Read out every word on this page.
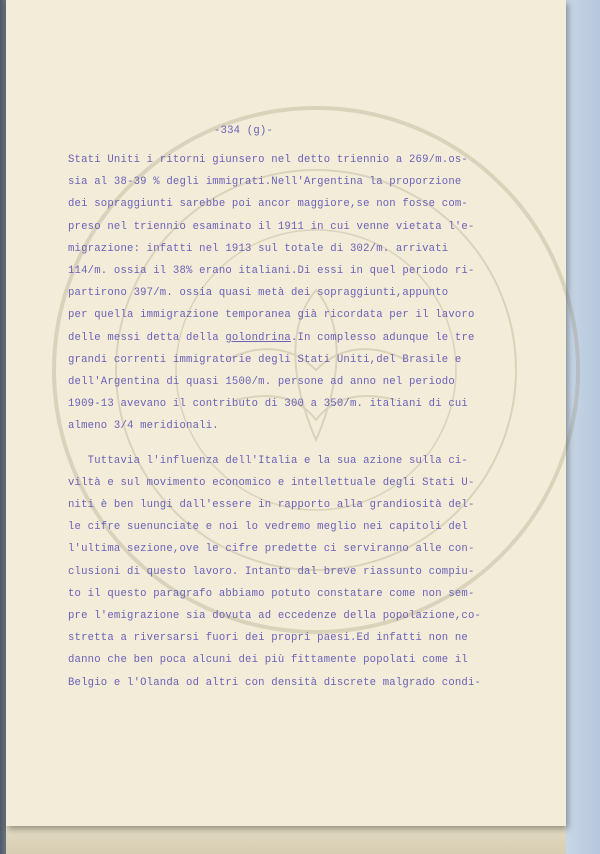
-334 (g)-
Stati Uniti i ritorni giunsero nel detto triennio a 269/m.os-
sia al 38-39 % degli immigrati.Nell'Argentina la proporzione
dei sopraggiunti sarebbe poi ancor maggiore,se non fosse com-
preso nel triennio esaminato il 1911 in cui venne vietata l'e-
migrazione: infatti nel 1913 sul totale di 302/m. arrivati
114/m. ossia il 38% erano italiani.Di essi in quel periodo ri-
partirono 397/m. ossia quasi metà dei sopraggiunti,appunto
per quella immigrazione temporanea già ricordata per il lavoro
delle messi detta della golondrina.In complesso adunque le tre
grandi correnti immigratorie degli Stati Uniti,del Brasile e
dell'Argentina di quasi 1500/m. persone ad anno nel periodo
1909-13 avevano il contributo di 300 a 350/m. italiani di cui
almeno 3/4 meridionali.
Tuttavia l'influenza dell'Italia e la sua azione sulla ci-
viltà e sul movimento economico e intellettuale degli Stati U-
niti è ben lungi dall'essere in rapporto alla grandiosità del-
le cifre suenunciate e noi lo vedremo meglio nei capitoli del
l'ultima sezione,ove le cifre predette ci serviranno alle con-
clusioni di questo lavoro. Intanto dal breve riassunto compiu-
to il questo paragrafo abbiamo potuto constatare come non sem-
pre l'emigrazione sia dovuta ad eccedenze della popolazione,co-
stretta a riversarsi fuori dei propri paesi.Ed infatti non ne
danno che ben poca alcuni dei più fittamente popolati come il
Belgio e l'Olanda od altri con densità discrete malgrado condi-
